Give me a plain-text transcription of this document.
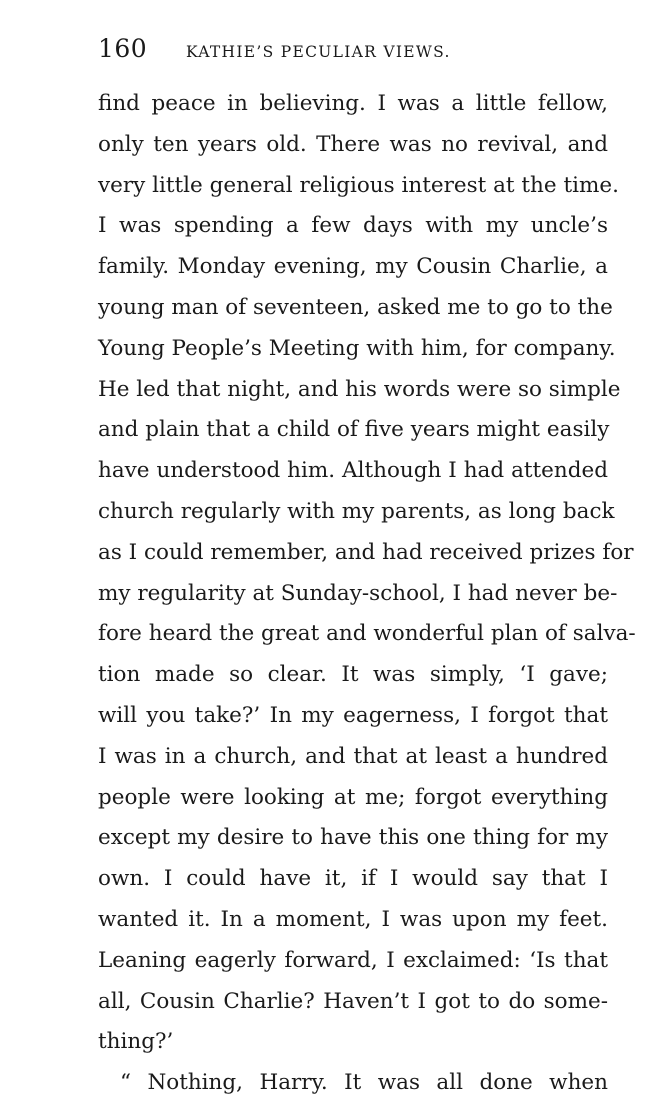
160	KATHIE’S PECULIAR VIEWS.
find peace in believing. I was a little fellow,
only ten years old. There was no revival, and
very little general religious interest at the time.
I was spending a few days with my uncle’s
family. Monday evening, my Cousin Charlie, a
young man of seventeen, asked me to go to the
Young People’s Meeting with him, for company.
He led that night, and his words were so simple
and plain that a child of five years might easily
have understood him. Although I had attended
church regularly with my parents, as long back
as I could remember, and had received prizes for
my regularity at Sunday-school, I had never be-
fore heard the great and wonderful plan of salva-
tion made so clear. It was simply, ‘I gave;
will you take?’ In my eagerness, I forgot that
I was in a church, and that at least a hundred
people were looking at me; forgot everything
except my desire to have this one thing for my
own. I could have it, if I would say that I
wanted it. In a moment, I was upon my feet.
Leaning eagerly forward, I exclaimed: ‘Is that
all, Cousin Charlie? Haven’t I got to do some-
thing?’
“ Nothing, Harry. It was all done when
